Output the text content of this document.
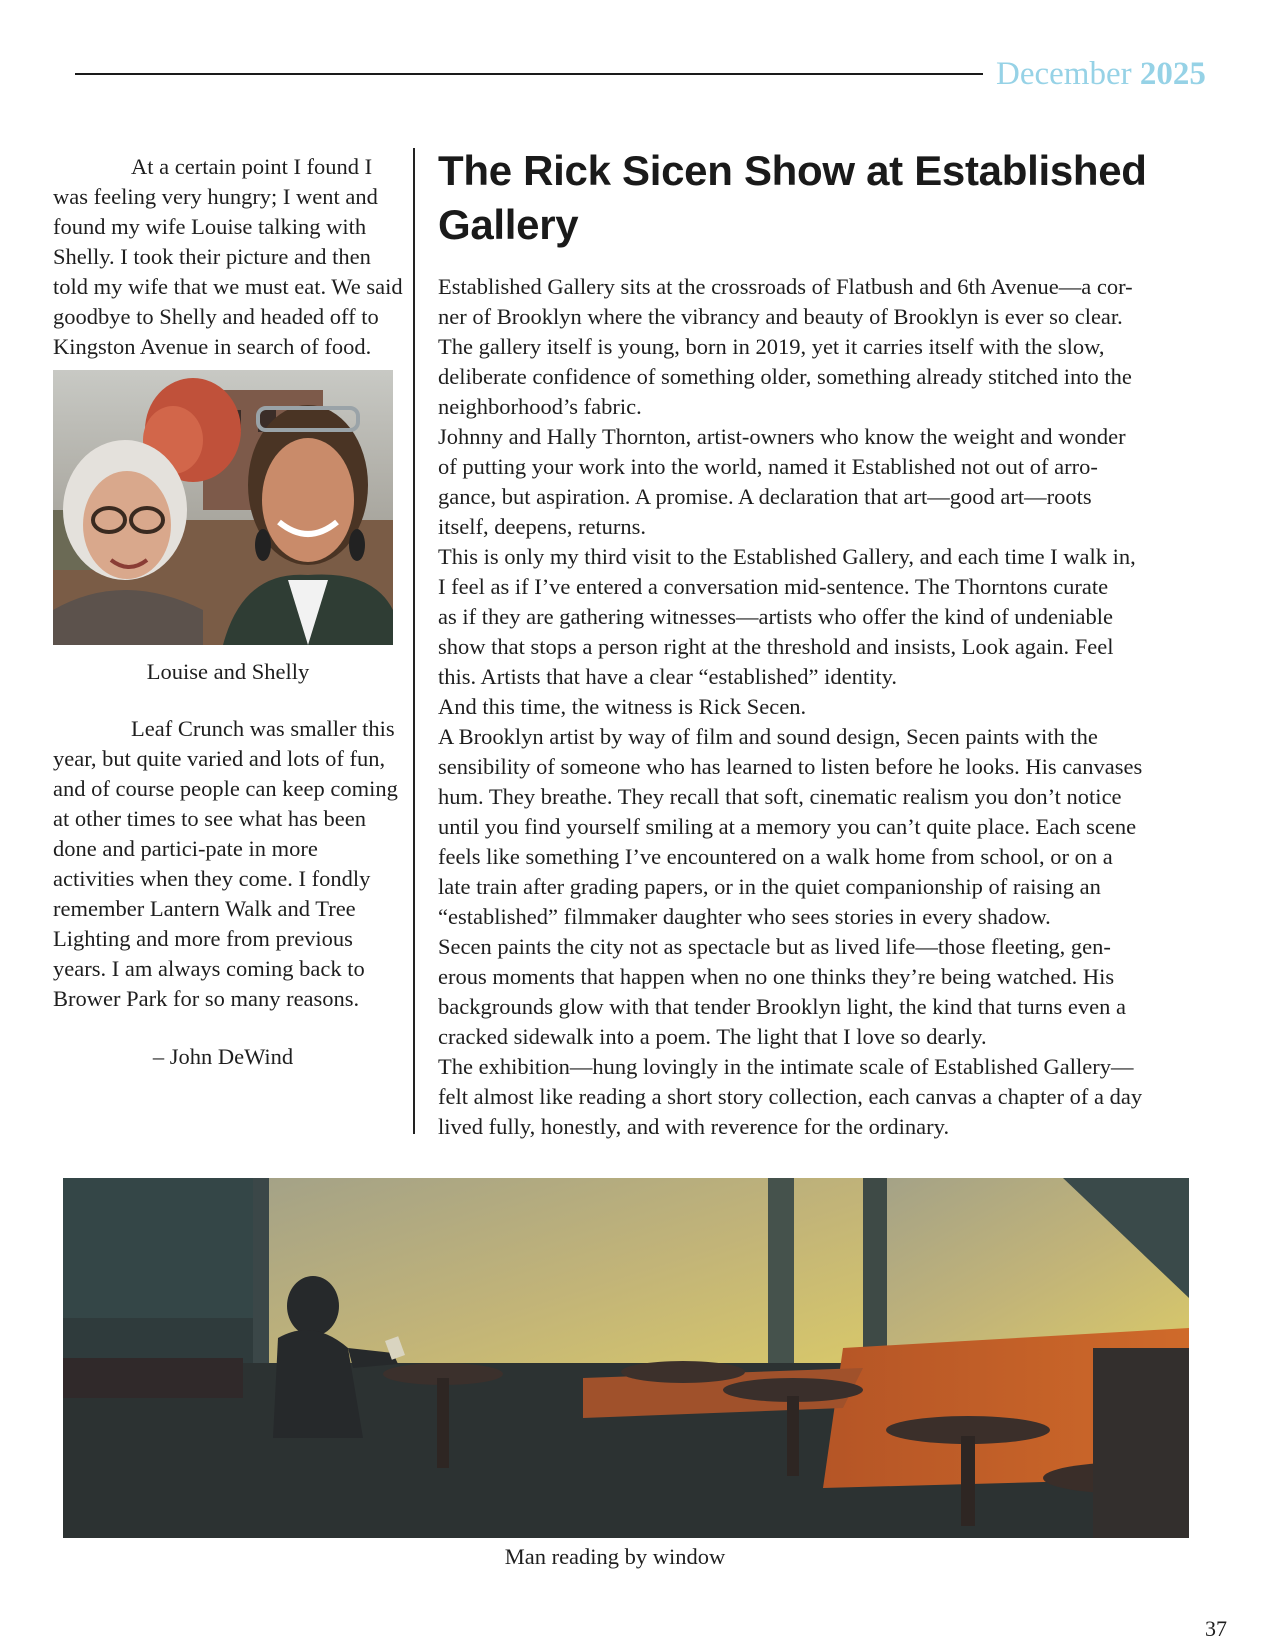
December 2025

At a certain point I found I was feeling very hungry; I went and found my wife Louise talking with Shelly. I took their picture and then told my wife that we must eat. We said goodbye to Shelly and headed off to Kingston Avenue in search of food.

Louise and Shelly

Leaf Crunch was smaller this year, but quite varied and lots of fun, and of course people can keep coming at other times to see what has been done and partici-pate in more activities when they come. I fondly remember Lantern Walk and Tree Lighting and more from previous years. I am always coming back to Brower Park for so many reasons.

– John DeWind
The Rick Sicen Show at Established Gallery
Established Gallery sits at the crossroads of Flatbush and 6th Avenue—a cor-
ner of Brooklyn where the vibrancy and beauty of Brooklyn is ever so clear.
The gallery itself is young, born in 2019, yet it carries itself with the slow,
deliberate confidence of something older, something already stitched into the
neighborhood’s fabric.
Johnny and Hally Thornton, artist-owners who know the weight and wonder
of putting your work into the world, named it Established not out of arro-
gance, but aspiration. A promise. A declaration that art—good art—roots
itself, deepens, returns.
This is only my third visit to the Established Gallery, and each time I walk in,
I feel as if I’ve entered a conversation mid-sentence. The Thorntons curate
as if they are gathering witnesses—artists who offer the kind of undeniable
show that stops a person right at the threshold and insists, Look again. Feel
this. Artists that have a clear “established” identity.
And this time, the witness is Rick Secen.
A Brooklyn artist by way of film and sound design, Secen paints with the
sensibility of someone who has learned to listen before he looks. His canvases
hum. They breathe. They recall that soft, cinematic realism you don’t notice
until you find yourself smiling at a memory you can’t quite place. Each scene
feels like something I’ve encountered on a walk home from school, or on a
late train after grading papers, or in the quiet companionship of raising an
“established” filmmaker daughter who sees stories in every shadow.
Secen paints the city not as spectacle but as lived life—those fleeting, gen-
erous moments that happen when no one thinks they’re being watched. His
backgrounds glow with that tender Brooklyn light, the kind that turns even a
cracked sidewalk into a poem. The light that I love so dearly.
The exhibition—hung lovingly in the intimate scale of Established Gallery—
felt almost like reading a short story collection, each canvas a chapter of a day
lived fully, honestly, and with reverence for the ordinary.
Man reading by window
37
